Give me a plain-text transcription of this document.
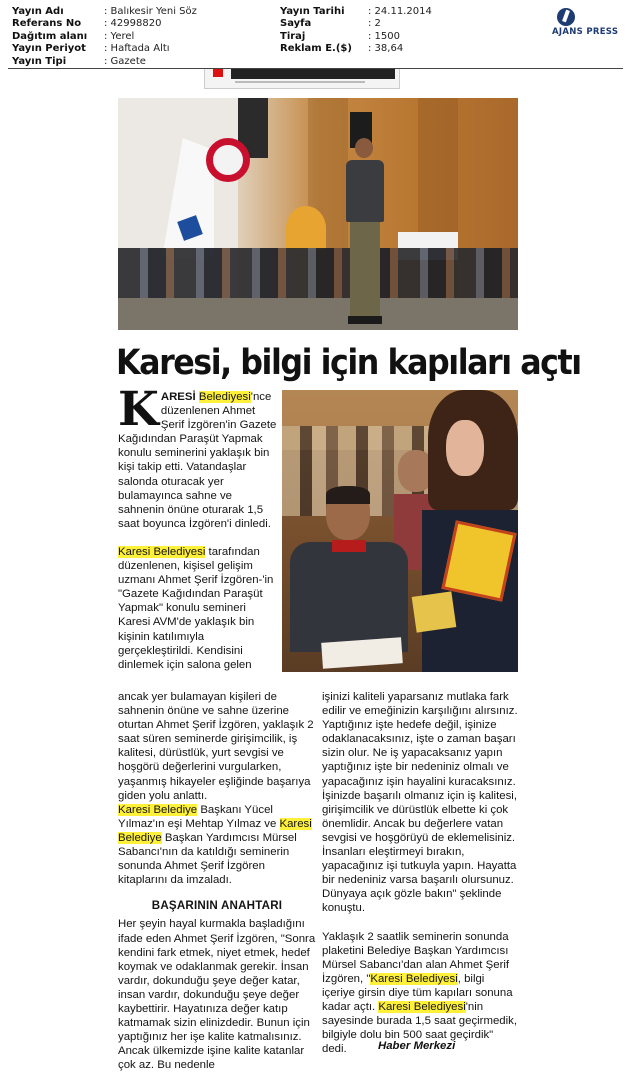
Yayın Adı	: Balıkesir Yeni Söz
Referans No	: 42998820
Dağıtım alanı	: Yerel
Yayın Periyot	: Haftada Altı
Yayın Tipi	: Gazete
Yayın Tarihi	: 24.11.2014
Sayfa	: 2
Tiraj	: 1500
Reklam E.($)	: 38,64
AJANS PRESS
Karesi, bilgi için kapıları açtı

KARESİ Belediyesi'nce düzenlenen Ahmet Şerif İzgören'in Gazete Kağıdından Paraşüt Yapmak konulu seminerini yaklaşık bin kişi takip etti. Vatandaşlar salonda oturacak yer bulamayınca sahne ve sahnenin önüne oturarak 1,5 saat boyunca İzgören'i dinledi.

Karesi Belediyesi tarafından düzenlenen, kişisel gelişim uzmanı Ahmet Şerif İzgören-'in "Gazete Kağıdından Paraşüt Yapmak" konulu semineri Karesi AVM'de yaklaşık bin kişinin katılımıyla gerçekleştirildi. Kendisini dinlemek için salona gelen

ancak yer bulamayan kişileri de sahnenin önüne ve sahne üzerine oturtan Ahmet Şerif İzgören, yaklaşık 2 saat süren seminerde girişimcilik, iş kalitesi, dürüstlük, yurt sevgisi ve hoşgörü değerlerini vurgularken, yaşanmış hikayeler eşliğinde başarıya giden yolu anlattı.

Karesi Belediye Başkanı Yücel Yılmaz'ın eşi Mehtap Yılmaz ve Karesi Belediye Başkan Yardımcısı Mürsel Sabancı'nın da katıldığı seminerin sonunda Ahmet Şerif İzgören kitaplarını da imzaladı.

BAŞARININ ANAHTARI

Her şeyin hayal kurmakla başladığını ifade eden Ahmet Şerif İzgören, "Sonra kendini fark etmek, niyet etmek, hedef koymak ve odaklanmak gerekir. İnsan vardır, dokunduğu şeye değer katar, insan vardır, dokunduğu şeye değer kaybettirir. Hayatınıza değer katıp katmamak sizin elinizdedir. Bunun için yaptığınız her işe kalite katmalısınız. Ancak ülkemizde işine kalite katanlar çok az. Bu nedenle

işinizi kaliteli yaparsanız mutlaka fark edilir ve emeğinizin karşılığını alırsınız. Yaptığınız işte hedefe değil, işinize odaklanacaksınız, işte o zaman başarı sizin olur. Ne iş yapacaksanız yapın yaptığınız işte bir nedeniniz olmalı ve yapacağınız işin hayalini kuracaksınız. İşinizde başarılı olmanız için iş kalitesi, girişimcilik ve dürüstlük elbette ki çok önemlidir. Ancak bu değerlere vatan sevgisi ve hoşgörüyü de eklemelisiniz. İnsanları eleştirmeyi bırakın, yapacağınız işi tutkuyla yapın. Hayatta bir nedeniniz varsa başarılı olursunuz. Dünyaya açık gözle bakın" şeklinde konuştu.

Yaklaşık 2 saatlik seminerin sonunda plaketini Belediye Başkan Yardımcısı Mürsel Sabancı'dan alan Ahmet Şerif İzgören, "Karesi Belediyesi, bilgi içeriye girsin diye tüm kapıları sonuna kadar açtı. Karesi Belediyesi'nin sayesinde burada 1,5 saat geçirmedik, bilgiyle dolu bin 500 saat geçirdik" dedi.	Haber Merkezi
